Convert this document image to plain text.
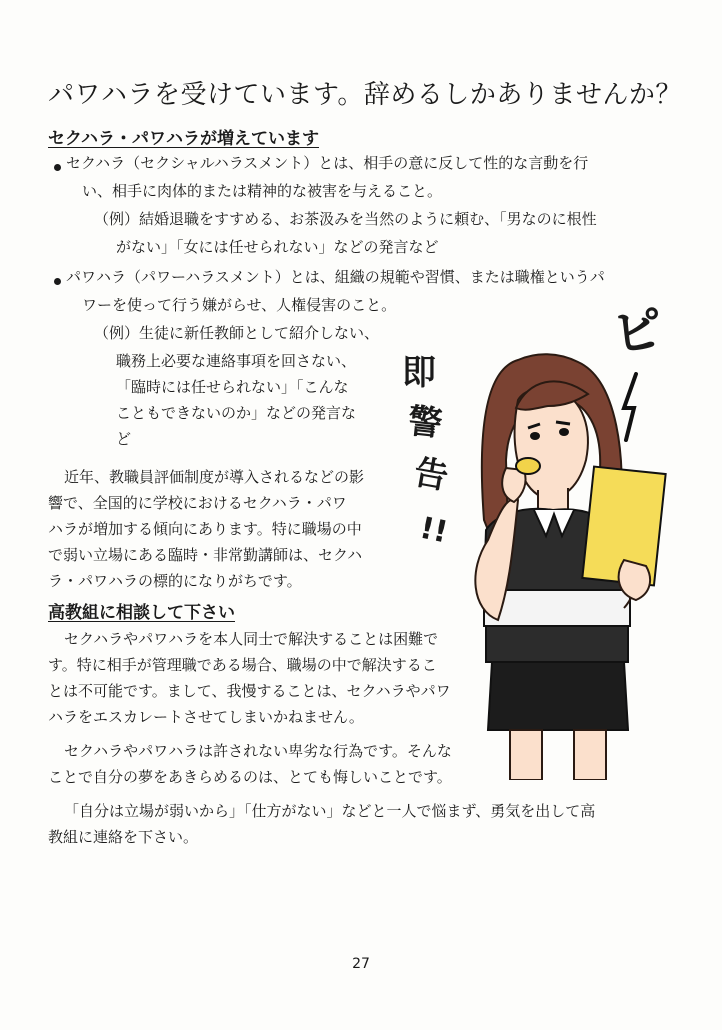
パワハラを受けています。辞めるしかありませんか？
セクハラ・パワハラが増えています
セクハラ（セクシャルハラスメント）とは、相手の意に反して性的な言動を行
い、相手に肉体的または精神的な被害を与えること。
（例）結婚退職をすすめる、お茶汲みを当然のように頼む、「男なのに根性
がない」「女には任せられない」などの発言など
パワハラ（パワーハラスメント）とは、組織の規範や習慣、または職権というパ
ワーを使って行う嫌がらせ、人権侵害のこと。
（例）生徒に新任教師として紹介しない、
職務上必要な連絡事項を回さない、
「臨時には任せられない」「こんな
こともできないのか」などの発言な
ど
近年、教職員評価制度が導入されるなどの影
響で、全国的に学校におけるセクハラ・パワ
ハラが増加する傾向にあります。特に職場の中
で弱い立場にある臨時・非常勤講師は、セクハ
ラ・パワハラの標的になりがちです。
高教組に相談して下さい
セクハラやパワハラを本人同士で解決することは困難で
す。特に相手が管理職である場合、職場の中で解決するこ
とは不可能です。まして、我慢することは、セクハラやパワ
ハラをエスカレートさせてしまいかねません。
セクハラやパワハラは許されない卑劣な行為です。そんな
ことで自分の夢をあきらめるのは、とても悔しいことです。
「自分は立場が弱いから」「仕方がない」などと一人で悩まず、勇気を出して高
教組に連絡を下さい。
ピ
即
警
告
!!
27
